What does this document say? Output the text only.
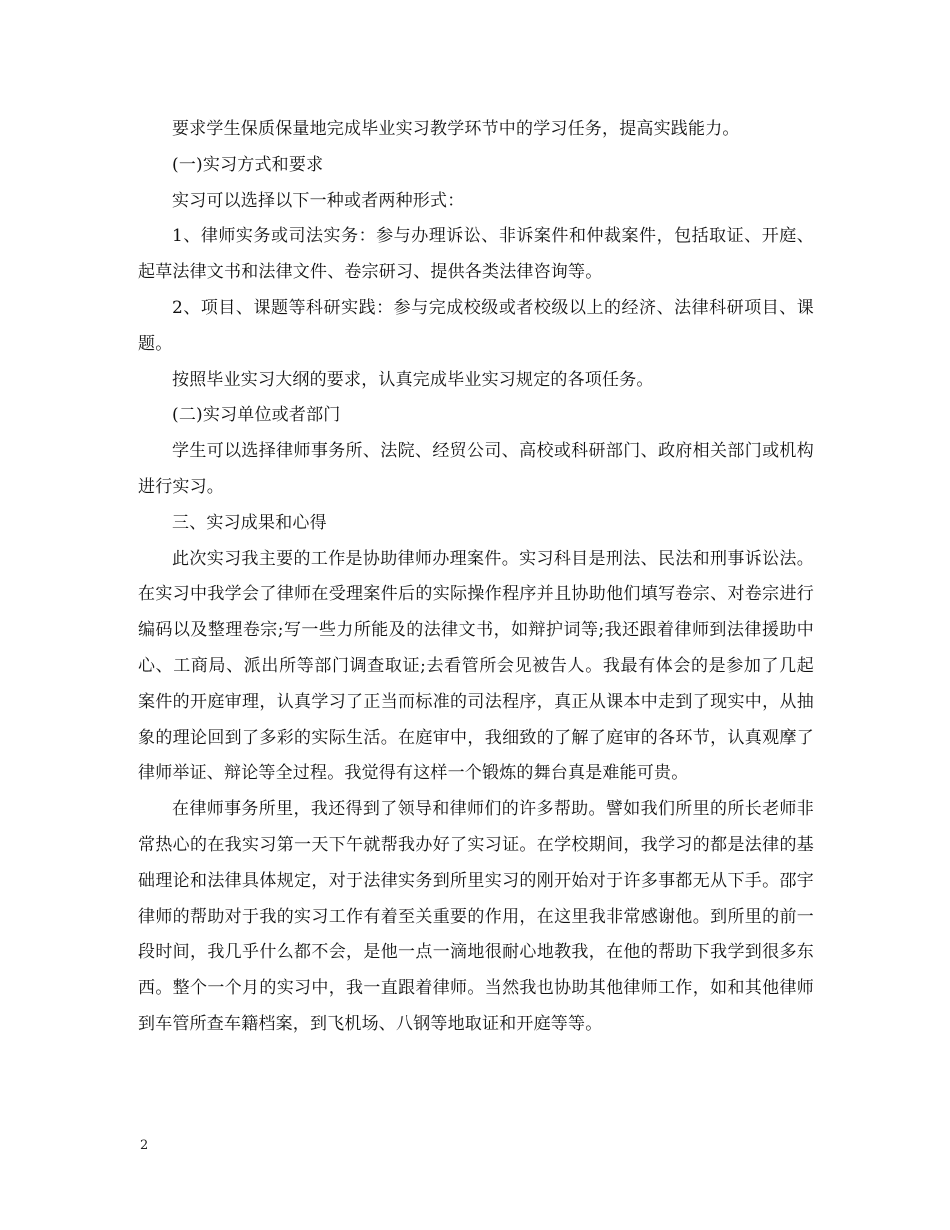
要求学生保质保量地完成毕业实习教学环节中的学习任务，提高实践能力。

(一)实习方式和要求

实习可以选择以下一种或者两种形式：

1、律师实务或司法实务：参与办理诉讼、非诉案件和仲裁案件，包括取证、开庭、起草法律文书和法律文件、卷宗研习、提供各类法律咨询等。

2、项目、课题等科研实践：参与完成校级或者校级以上的经济、法律科研项目、课题。

按照毕业实习大纲的要求，认真完成毕业实习规定的各项任务。

(二)实习单位或者部门

学生可以选择律师事务所、法院、经贸公司、高校或科研部门、政府相关部门或机构进行实习。

三、实习成果和心得

此次实习我主要的工作是协助律师办理案件。实习科目是刑法、民法和刑事诉讼法。在实习中我学会了律师在受理案件后的实际操作程序并且协助他们填写卷宗、对卷宗进行编码以及整理卷宗;写一些力所能及的法律文书，如辩护词等;我还跟着律师到法律援助中心、工商局、派出所等部门调查取证;去看管所会见被告人。我最有体会的是参加了几起案件的开庭审理，认真学习了正当而标准的司法程序，真正从课本中走到了现实中，从抽象的理论回到了多彩的实际生活。在庭审中，我细致的了解了庭审的各环节，认真观摩了律师举证、辩论等全过程。我觉得有这样一个锻炼的舞台真是难能可贵。

在律师事务所里，我还得到了领导和律师们的许多帮助。譬如我们所里的所长老师非常热心的在我实习第一天下午就帮我办好了实习证。在学校期间，我学习的都是法律的基础理论和法律具体规定，对于法律实务到所里实习的刚开始对于许多事都无从下手。邵宇律师的帮助对于我的实习工作有着至关重要的作用，在这里我非常感谢他。到所里的前一段时间，我几乎什么都不会，是他一点一滴地很耐心地教我，在他的帮助下我学到很多东西。整个一个月的实习中，我一直跟着律师。当然我也协助其他律师工作，如和其他律师到车管所查车籍档案，到飞机场、八钢等地取证和开庭等等。

2
